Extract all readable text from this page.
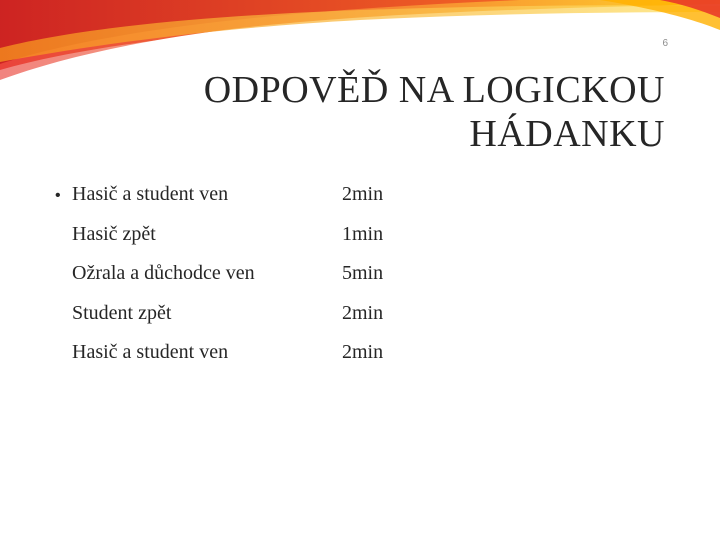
6
ODPOVĚĎ NA LOGICKOU HÁDANKU
• Hasič a student ven	2min
Hasič zpět	1min
Ožrala a důchodce ven	5min
Student zpět	2min
Hasič a student ven	2min
